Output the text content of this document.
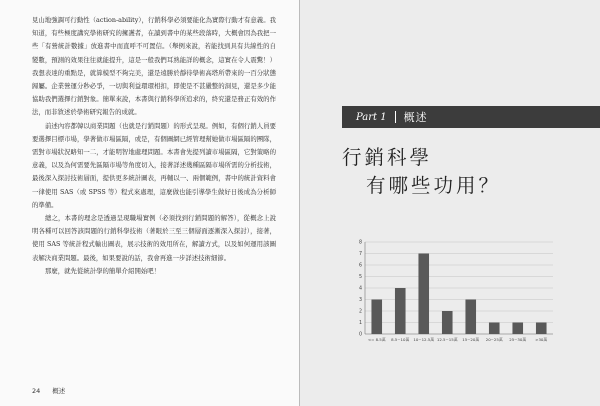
見山地強調可行動性（action-ability），行銷科學必須要能化為實際行動才有意義。我知道，有些極度講究學術研究的擁護者，在讀到書中的某些段落時，大概會因為我把一些「有營統計數據」放進書中而直呼不可置信。（舉例來說，若能找到具有共線性的自變數，預測的效果往往就能提升，這是一般我們耳熟能詳的概念，這實在令人震驚！）我想表達的重點是，就算模型不夠完美，還是遠勝於靜待學術高塔所帶來的一百分狀態歸屬。企業營運分秒必爭，一切與利益環環相扣，即使是不甚嚴整的洞見，還是多少能協助我們選擇行銷對象。簡單來說，本書與行銷科學所追求的，終究還是務正有效的作法，而非敘述於學術研究報告的成就。

前述內容都韓以商業問題（也就是行銷問題）的形式呈現。例如，有個行銷人員要要選擇目標市場，學著做市場區隔，或是，有個圖網已經管理幫她做市場區隔的團隊，需對市場狀況略知一二，才能明智地處理問題。本書會先提列讀市場區隔，它對策略的意義，以及為何需要先區隔市場等角度切入，接著詳述幾種區隔市場所需的分析技術，最後深入探討技術層面，提供更多統計圖表，再輔以一、兩個範例，書中的統計資料會一律使用 SAS（或 SPSS 等）程式來處理，這麼做也能引導學生做好日後成為分析師的準備。

總之，本書的理念是透過呈現職場實例（必須找到行銷問題的解答），從概念上說明各種可以回答該問題的行銷科學技術（著眼於三至三個層面逐漸深入探討），接著，使用 SAS 等統計程式輸出圖表，展示技術的效用所在，解讀方式，以及如何運用該圖表解決商業問題。最後，如果要說的話，我會再進一步詳述技術細節。

那麼，就先從統計學的簡單介紹開始吧！

24 概述
Part 1 概述
行銷科學
有哪些功用？
0
1
2
3
4
5
6
7
8
<= 8.5萬 8.5~10萬 10~12.5萬 12.5~15萬 15~20萬 20~25萬 25~30萬 >30萬
